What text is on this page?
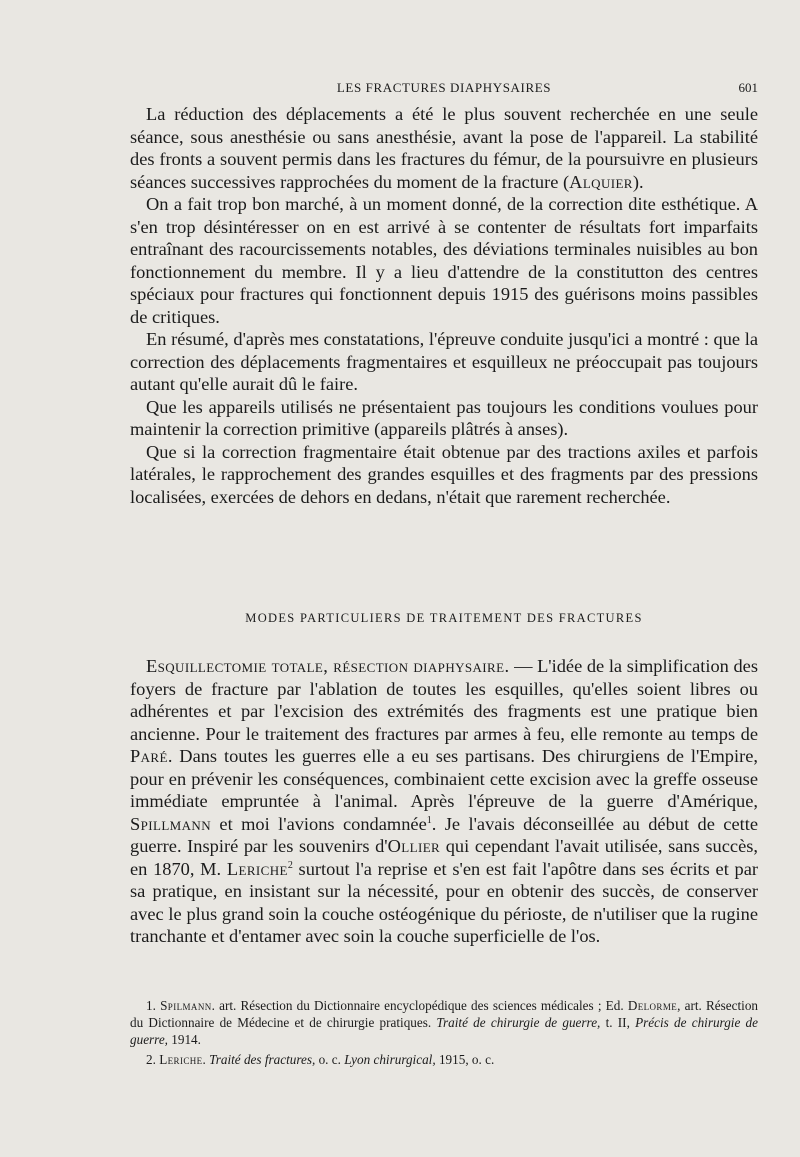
LES FRACTURES DIAPHYSAIRES	601

La réduction des déplacements a été le plus souvent recherchée en une seule séance, sous anesthésie ou sans anesthésie, avant la pose de l'appareil. La stabilité des fronts a souvent permis dans les fractures du fémur, de la poursuivre en plusieurs séances successives rapprochées du moment de la fracture (Alquier).

On a fait trop bon marché, à un moment donné, de la correction dite esthétique. A s'en trop désintéresser on en est arrivé à se contenter de résultats fort imparfaits entraînant des racourcissements notables, des déviations terminales nuisibles au bon fonctionnement du membre. Il y a lieu d'attendre de la constitutton des centres spéciaux pour fractures qui fonctionnent depuis 1915 des guérisons moins passibles de critiques.

En résumé, d'après mes constatations, l'épreuve conduite jusqu'ici a montré : que la correction des déplacements fragmentaires et esquilleux ne préoccupait pas toujours autant qu'elle aurait dû le faire.

Que les appareils utilisés ne présentaient pas toujours les conditions voulues pour maintenir la correction primitive (appareils plâtrés à anses).

Que si la correction fragmentaire était obtenue par des tractions axiles et parfois latérales, le rapprochement des grandes esquilles et des fragments par des pressions localisées, exercées de dehors en dedans, n'était que rarement recherchée.

MODES PARTICULIERS DE TRAITEMENT DES FRACTURES

Esquillectomie totale, résection diaphysaire. — L'idée de la simplification des foyers de fracture par l'ablation de toutes les esquilles, qu'elles soient libres ou adhérentes et par l'excision des extrémités des fragments est une pratique bien ancienne. Pour le traitement des fractures par armes à feu, elle remonte au temps de Paré. Dans toutes les guerres elle a eu ses partisans. Des chirurgiens de l'Empire, pour en prévenir les conséquences, combinaient cette excision avec la greffe osseuse immédiate empruntée à l'animal. Après l'épreuve de la guerre d'Amérique, Spillmann et moi l'avions condamnée$^1$. Je l'avais déconseillée au début de cette guerre. Inspiré par les souvenirs d'Ollier qui cependant l'avait utilisée, sans succès, en 1870, M. Leriche$^2$ surtout l'a reprise et s'en est fait l'apôtre dans ses écrits et par sa pratique, en insistant sur la nécessité, pour en obtenir des succès, de conserver avec le plus grand soin la couche ostéogénique du périoste, de n'utiliser que la rugine tranchante et d'entamer avec soin la couche superficielle de l'os.

1. Spilmann. art. Résection du Dictionnaire encyclopédique des sciences médicales ; Ed. Delorme, art. Résection du Dictionnaire de Médecine et de chirurgie pratiques. Traité de chirurgie de guerre, t. II, Précis de chirurgie de guerre, 1914.

2. Leriche. Traité des fractures, o. c. Lyon chirurgical, 1915, o. c.
